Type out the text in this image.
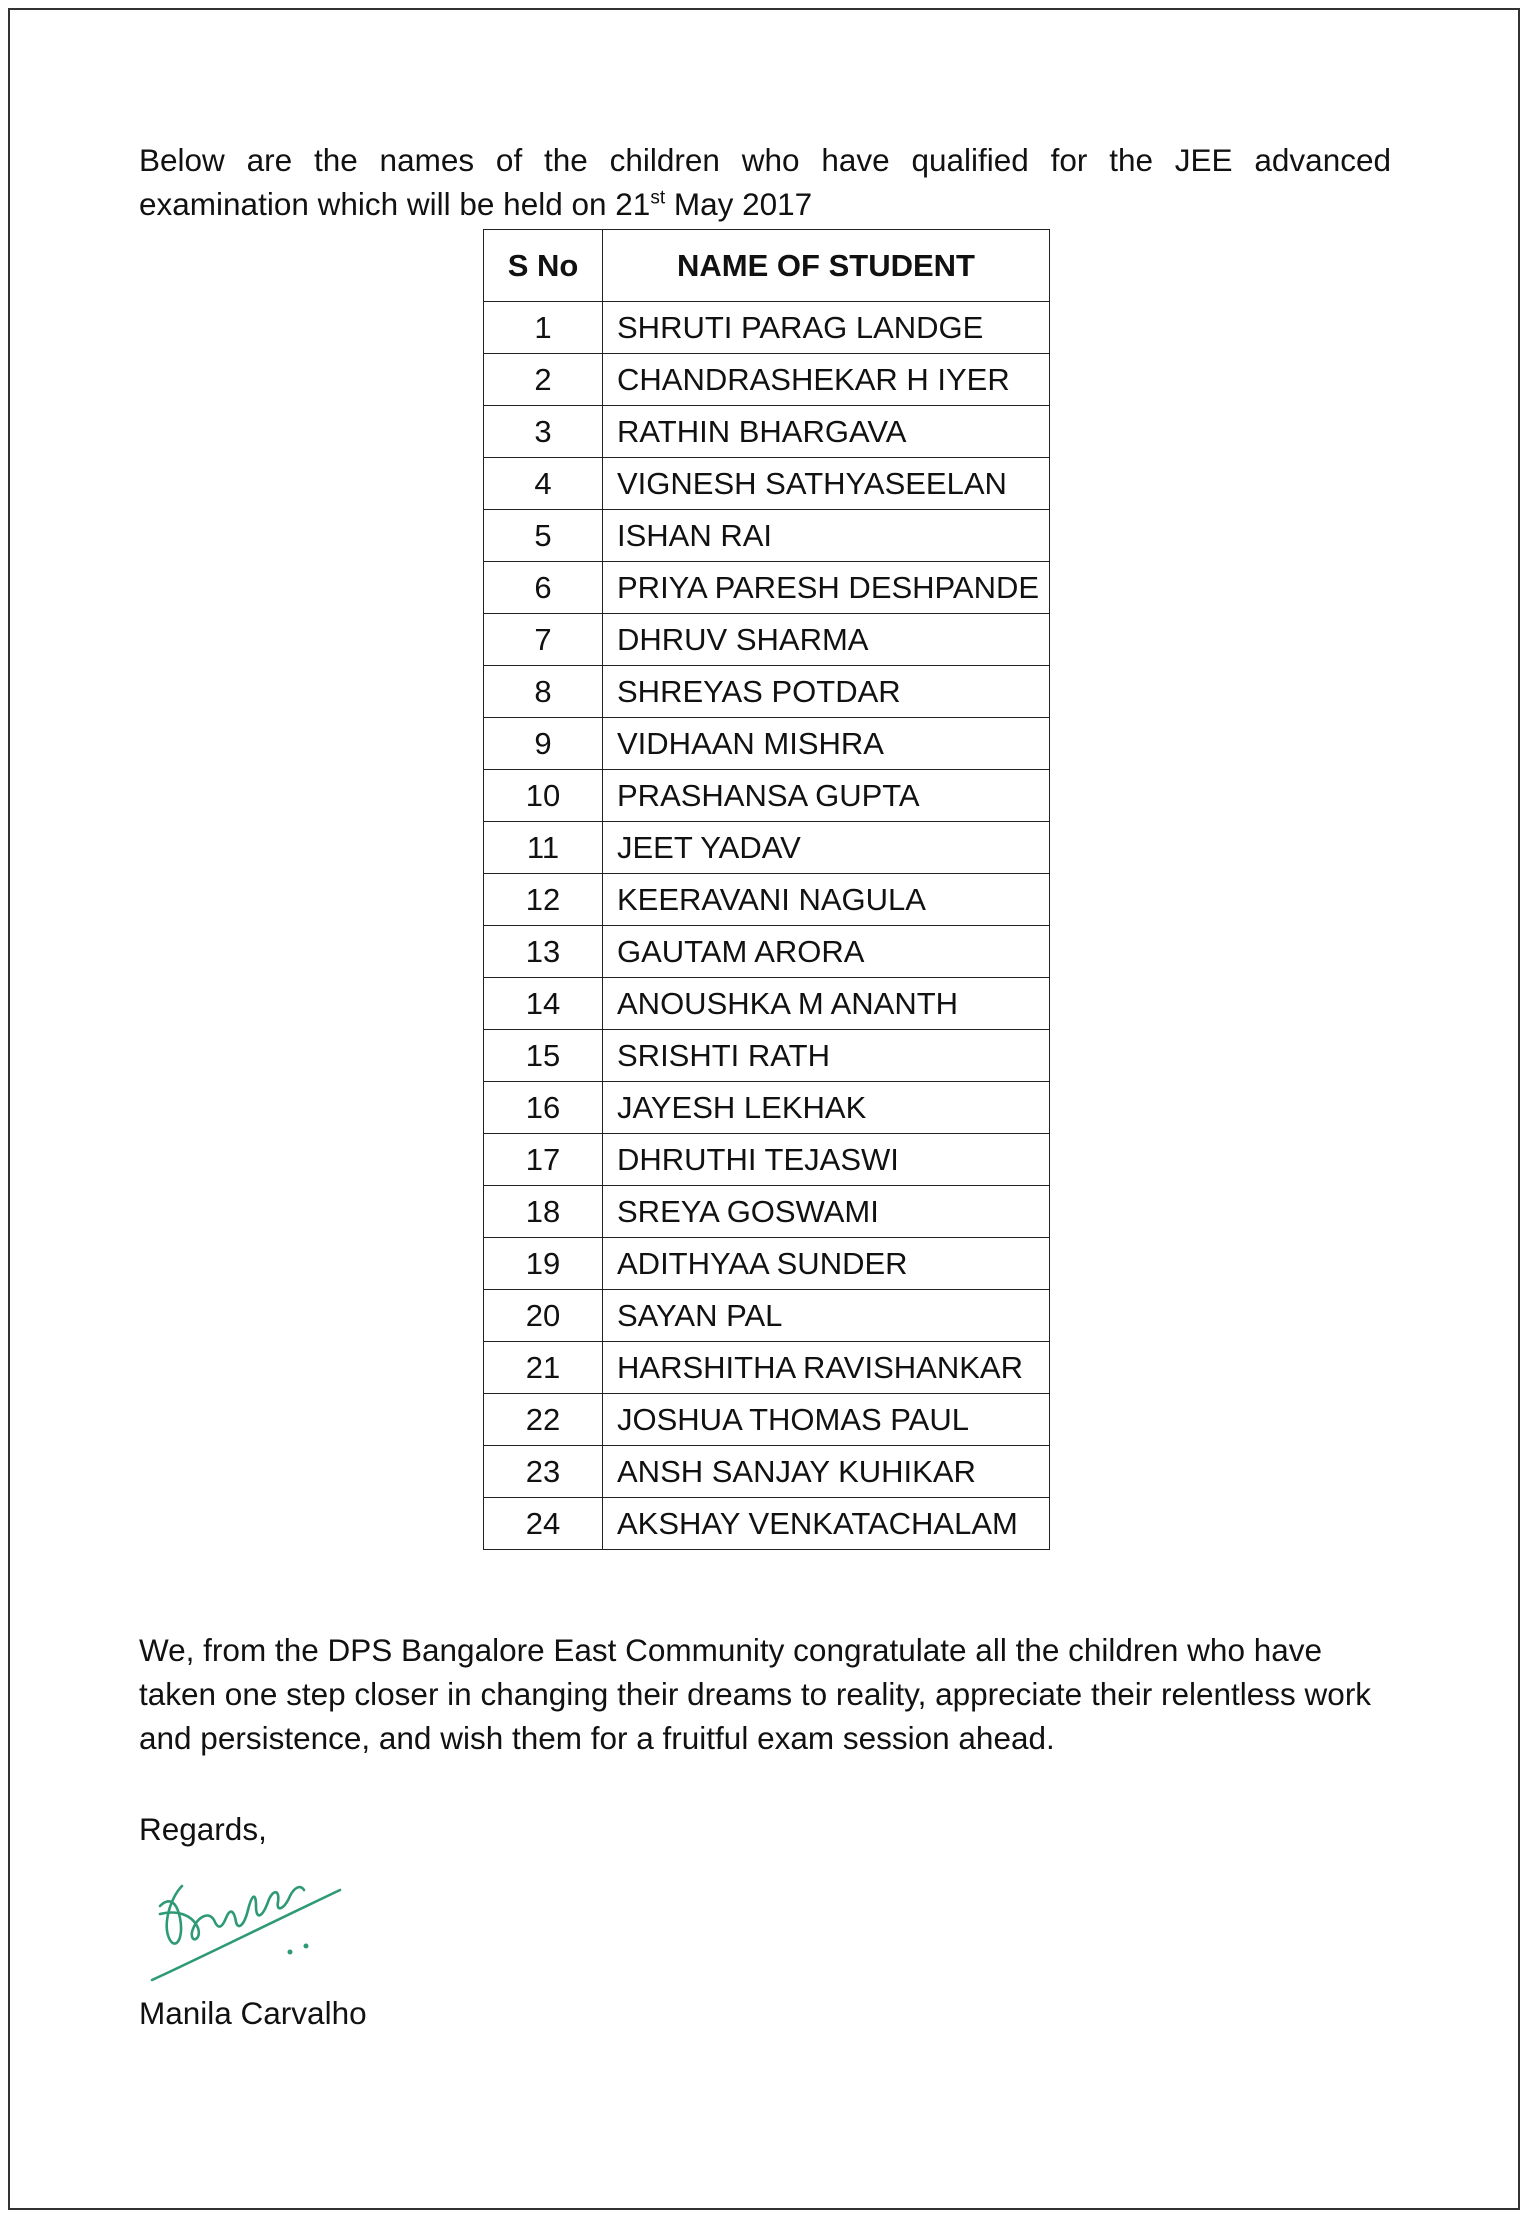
Below are the names of the children who have qualified for the JEE advanced examination which will be held on 21st May 2017

S No	NAME OF STUDENT
1	SHRUTI PARAG LANDGE
2	CHANDRASHEKAR H IYER
3	RATHIN BHARGAVA
4	VIGNESH SATHYASEELAN
5	ISHAN RAI
6	PRIYA PARESH DESHPANDE
7	DHRUV SHARMA
8	SHREYAS POTDAR
9	VIDHAAN MISHRA
10	PRASHANSA GUPTA
11	JEET YADAV
12	KEERAVANI NAGULA
13	GAUTAM ARORA
14	ANOUSHKA M ANANTH
15	SRISHTI RATH
16	JAYESH LEKHAK
17	DHRUTHI TEJASWI
18	SREYA GOSWAMI
19	ADITHYAA SUNDER
20	SAYAN PAL
21	HARSHITHA RAVISHANKAR
22	JOSHUA THOMAS PAUL
23	ANSH SANJAY KUHIKAR
24	AKSHAY VENKATACHALAM

We, from the DPS Bangalore East Community congratulate all the children who have taken one step closer in changing their dreams to reality, appreciate their relentless work and persistence, and wish them for a fruitful exam session ahead.

Regards,

Manila Carvalho
